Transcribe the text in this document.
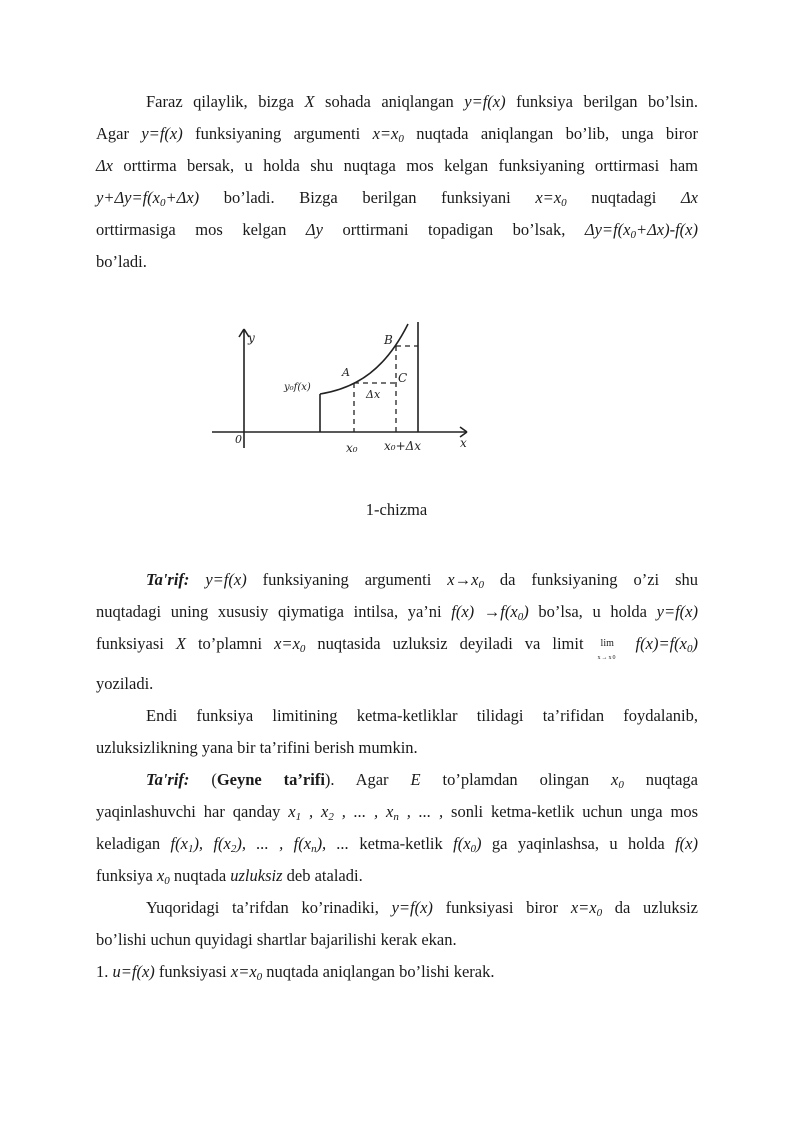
Faraz qilaylik, bizga X sohada aniqlangan y=f(x) funksiya berilgan bo’lsin.

Agar y=f(x) funksiyaning argumenti $x=x_0$ nuqtada aniqlangan bo’lib, unga biror

Δx orttirma bersak, u holda shu nuqtaga mos kelgan funksiyaning orttirmasi ham

$y+\Delta y=f(x_0+\Delta x)$ bo’ladi. Bizga berilgan funksiyani $x=x_0$ nuqtadagi Δx

orttirmasiga mos kelgan Δy orttirmani topadigan bo’lsak, $\Delta y=f(x_0+\Delta x)-f(x)$

bo’ladi.

y
y₀f(x)
A
B
C
Δx
0
x₀ x₀+Δx	x
1-chizma

Ta'rif: y=f(x) funksiyaning argumenti $x\to x_0$ da funksiyaning o’zi shu

nuqtadagi uning xususiy qiymatiga intilsa, ya’ni $f(x) \to f(x_0)$ bo’lsa, u holda y=f(x)

funksiyasi X to’plamni $x=x_0$ nuqtasida uzluksiz deyiladi va limit lim
x→x0
$f(x)=f(x_0)$

yoziladi.

Endi funksiya limitining ketma-ketliklar tilidagi ta’rifidan foydalanib,

uzluksizlikning yana bir ta’rifini berish mumkin.

Ta'rif: (Geyne ta’rifi). Agar E to’plamdan olingan $x_0$ nuqtaga

yaqinlashuvchi har qanday $x_1$ , $x_2$ , ... , $x_n$ , ... , sonli ketma-ketlik uchun unga mos

keladigan $f(x_1)$, $f(x_2)$, ... , $f(x_n)$, ... ketma-ketlik $f(x_0)$ ga yaqinlashsa, u holda f(x)

funksiya $x_0$ nuqtada uzluksiz deb ataladi.

Yuqoridagi ta’rifdan ko’rinadiki, y=f(x) funksiyasi biror $x=x_0$ da uzluksiz

bo’lishi uchun quyidagi shartlar bajarilishi kerak ekan.

1. u=f(x) funksiyasi $x=x_0$ nuqtada aniqlangan bo’lishi kerak.
